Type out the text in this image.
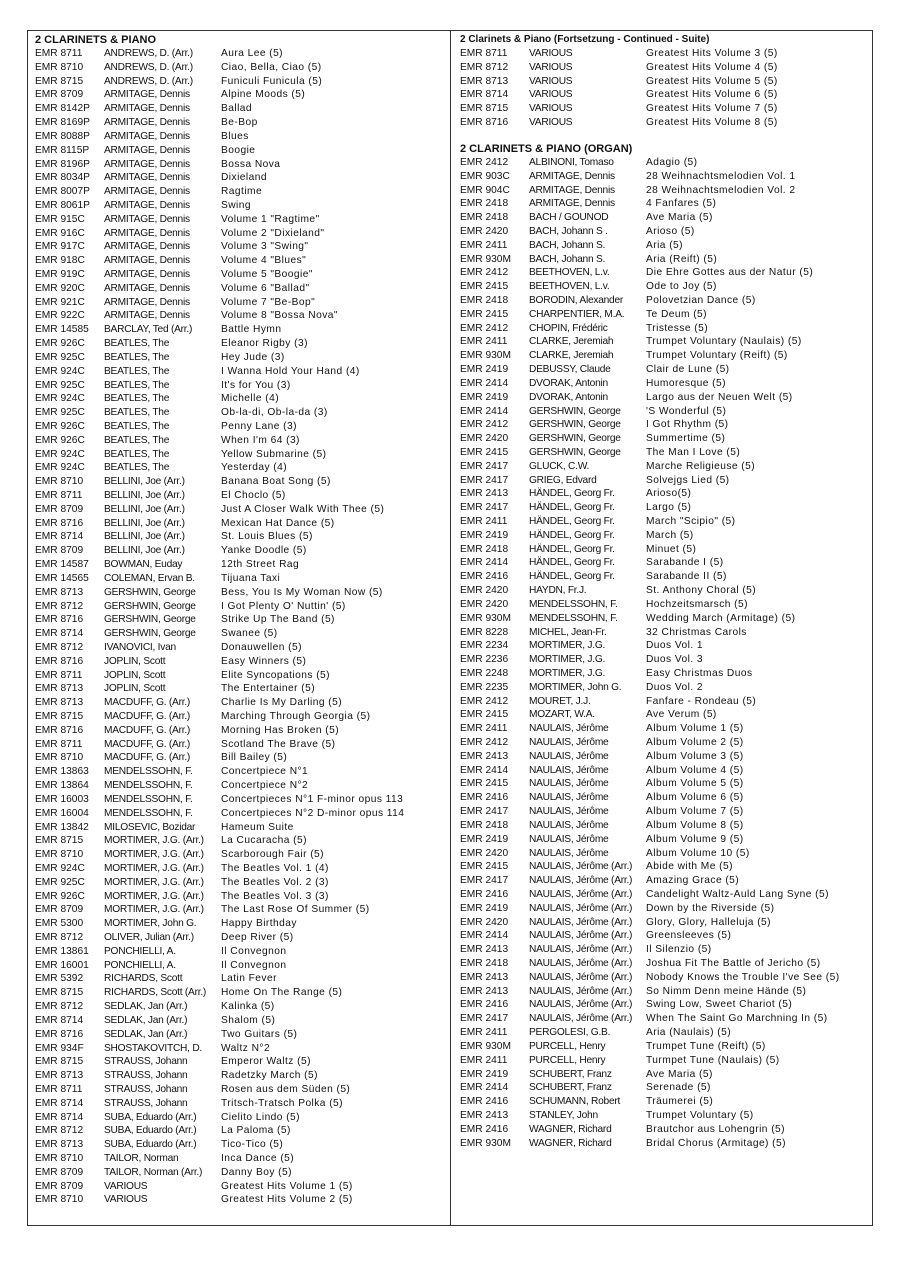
2 CLARINETS & PIANO
EMR 8711	ANDREWS, D. (Arr.)	Aura Lee (5)
EMR 8710	ANDREWS, D. (Arr.)	Ciao, Bella, Ciao (5)
EMR 8715	ANDREWS, D. (Arr.)	Funiculi Funicula (5)
EMR 8709	ARMITAGE, Dennis	Alpine Moods (5)
EMR 8142P	ARMITAGE, Dennis	Ballad
EMR 8169P	ARMITAGE, Dennis	Be-Bop
EMR 8088P	ARMITAGE, Dennis	Blues
EMR 8115P	ARMITAGE, Dennis	Boogie
EMR 8196P	ARMITAGE, Dennis	Bossa Nova
EMR 8034P	ARMITAGE, Dennis	Dixieland
EMR 8007P	ARMITAGE, Dennis	Ragtime
EMR 8061P	ARMITAGE, Dennis	Swing
EMR 915C	ARMITAGE, Dennis	Volume 1 "Ragtime"
EMR 916C	ARMITAGE, Dennis	Volume 2 "Dixieland"
EMR 917C	ARMITAGE, Dennis	Volume 3 "Swing"
EMR 918C	ARMITAGE, Dennis	Volume 4 "Blues"
EMR 919C	ARMITAGE, Dennis	Volume 5 "Boogie"
EMR 920C	ARMITAGE, Dennis	Volume 6 "Ballad"
EMR 921C	ARMITAGE, Dennis	Volume 7 "Be-Bop"
EMR 922C	ARMITAGE, Dennis	Volume 8 "Bossa Nova"
EMR 14585	BARCLAY, Ted (Arr.)	Battle Hymn
EMR 926C	BEATLES, The	Eleanor Rigby (3)
EMR 925C	BEATLES, The	Hey Jude (3)
EMR 924C	BEATLES, The	I Wanna Hold Your Hand (4)
EMR 925C	BEATLES, The	It's for You (3)
EMR 924C	BEATLES, The	Michelle (4)
EMR 925C	BEATLES, The	Ob-la-di, Ob-la-da (3)
EMR 926C	BEATLES, The	Penny Lane (3)
EMR 926C	BEATLES, The	When I'm 64 (3)
EMR 924C	BEATLES, The	Yellow Submarine (5)
EMR 924C	BEATLES, The	Yesterday (4)
EMR 8710	BELLINI, Joe (Arr.)	Banana Boat Song (5)
EMR 8711	BELLINI, Joe (Arr.)	El Choclo (5)
EMR 8709	BELLINI, Joe (Arr.)	Just A Closer Walk With Thee (5)
EMR 8716	BELLINI, Joe (Arr.)	Mexican Hat Dance (5)
EMR 8714	BELLINI, Joe (Arr.)	St. Louis Blues (5)
EMR 8709	BELLINI, Joe (Arr.)	Yanke Doodle (5)
EMR 14587	BOWMAN, Euday	12th Street Rag
EMR 14565	COLEMAN, Ervan B.	Tijuana Taxi
EMR 8713	GERSHWIN, George	Bess, You Is My Woman Now (5)
EMR 8712	GERSHWIN, George	I Got Plenty O' Nuttin' (5)
EMR 8716	GERSHWIN, George	Strike Up The Band (5)
EMR 8714	GERSHWIN, George	Swanee (5)
EMR 8712	IVANOVICI, Ivan	Donauwellen (5)
EMR 8716	JOPLIN, Scott	Easy Winners (5)
EMR 8711	JOPLIN, Scott	Elite Syncopations (5)
EMR 8713	JOPLIN, Scott	The Entertainer (5)
EMR 8713	MACDUFF, G. (Arr.)	Charlie Is My Darling (5)
EMR 8715	MACDUFF, G. (Arr.)	Marching Through Georgia (5)
EMR 8716	MACDUFF, G. (Arr.)	Morning Has Broken (5)
EMR 8711	MACDUFF, G. (Arr.)	Scotland The Brave (5)
EMR 8710	MACDUFF, G. (Arr.)	Bill Bailey (5)
EMR 13863	MENDELSSOHN, F.	Concertpiece N°1
EMR 13864	MENDELSSOHN, F.	Concertpiece N°2
EMR 16003	MENDELSSOHN, F.	Concertpieces N°1 F-minor opus 113
EMR 16004	MENDELSSOHN, F.	Concertpieces N°2 D-minor opus 114
EMR 13842	MILOSEVIC, Bozidar	Hameum Suite
EMR 8715	MORTIMER, J.G. (Arr.)	La Cucaracha (5)
EMR 8710	MORTIMER, J.G. (Arr.)	Scarborough Fair (5)
EMR 924C	MORTIMER, J.G. (Arr.)	The Beatles Vol. 1 (4)
EMR 925C	MORTIMER, J.G. (Arr.)	The Beatles Vol. 2 (3)
EMR 926C	MORTIMER, J.G. (Arr.)	The Beatles Vol. 3 (3)
EMR 8709	MORTIMER, J.G. (Arr.)	The Last Rose Of Summer (5)
EMR 5300	MORTIMER, John G.	Happy Birthday
EMR 8712	OLIVER, Julian (Arr.)	Deep River (5)
EMR 13861	PONCHIELLI, A.	Il Convegnon
EMR 16001	PONCHIELLI, A.	Il Convegnon
EMR 5392	RICHARDS, Scott	Latin Fever
EMR 8715	RICHARDS, Scott (Arr.)	Home On The Range (5)
EMR 8712	SEDLAK, Jan (Arr.)	Kalinka (5)
EMR 8714	SEDLAK, Jan (Arr.)	Shalom (5)
EMR 8716	SEDLAK, Jan (Arr.)	Two Guitars (5)
EMR 934F	SHOSTAKOVITCH, D.	Waltz N°2
EMR 8715	STRAUSS, Johann	Emperor Waltz (5)
EMR 8713	STRAUSS, Johann	Radetzky March (5)
EMR 8711	STRAUSS, Johann	Rosen aus dem Süden (5)
EMR 8714	STRAUSS, Johann	Tritsch-Tratsch Polka (5)
EMR 8714	SUBA, Eduardo (Arr.)	Cielito Lindo (5)
EMR 8712	SUBA, Eduardo (Arr.)	La Paloma (5)
EMR 8713	SUBA, Eduardo (Arr.)	Tico-Tico (5)
EMR 8710	TAILOR, Norman	Inca Dance (5)
EMR 8709	TAILOR, Norman (Arr.)	Danny Boy (5)
EMR 8709	VARIOUS	Greatest Hits Volume 1 (5)
EMR 8710	VARIOUS	Greatest Hits Volume 2 (5)
2 Clarinets & Piano (Fortsetzung - Continued - Suite)
EMR 8711	VARIOUS	Greatest Hits Volume 3 (5)
EMR 8712	VARIOUS	Greatest Hits Volume 4 (5)
EMR 8713	VARIOUS	Greatest Hits Volume 5 (5)
EMR 8714	VARIOUS	Greatest Hits Volume 6 (5)
EMR 8715	VARIOUS	Greatest Hits Volume 7 (5)
EMR 8716	VARIOUS	Greatest Hits Volume 8 (5)
2 CLARINETS & PIANO (ORGAN)
EMR 2412	ALBINONI, Tomaso	Adagio (5)
EMR 903C	ARMITAGE, Dennis	28 Weihnachtsmelodien Vol. 1
EMR 904C	ARMITAGE, Dennis	28 Weihnachtsmelodien Vol. 2
EMR 2418	ARMITAGE, Dennis	4 Fanfares (5)
EMR 2418	BACH / GOUNOD	Ave Maria (5)
EMR 2420	BACH, Johann S .	Arioso (5)
EMR 2411	BACH, Johann S.	Aria (5)
EMR 930M	BACH, Johann S.	Aria (Reift) (5)
EMR 2412	BEETHOVEN, L.v.	Die Ehre Gottes aus der Natur (5)
EMR 2415	BEETHOVEN, L.v.	Ode to Joy (5)
EMR 2418	BORODIN, Alexander	Polovetzian Dance (5)
EMR 2415	CHARPENTIER, M.A.	Te Deum (5)
EMR 2412	CHOPIN, Frédéric	Tristesse (5)
EMR 2411	CLARKE, Jeremiah	Trumpet Voluntary (Naulais) (5)
EMR 930M	CLARKE, Jeremiah	Trumpet Voluntary (Reift) (5)
EMR 2419	DEBUSSY, Claude	Clair de Lune (5)
EMR 2414	DVORAK, Antonin	Humoresque (5)
EMR 2419	DVORAK, Antonin	Largo aus der Neuen Welt (5)
EMR 2414	GERSHWIN, George	'S Wonderful (5)
EMR 2412	GERSHWIN, George	I Got Rhythm (5)
EMR 2420	GERSHWIN, George	Summertime (5)
EMR 2415	GERSHWIN, George	The Man I Love (5)
EMR 2417	GLUCK, C.W.	Marche Religieuse (5)
EMR 2417	GRIEG, Edvard	Solvejgs Lied (5)
EMR 2413	HÄNDEL, Georg Fr.	Arioso(5)
EMR 2417	HÄNDEL, Georg Fr.	Largo (5)
EMR 2411	HÄNDEL, Georg Fr.	March "Scipio" (5)
EMR 2419	HÄNDEL, Georg Fr.	March (5)
EMR 2418	HÄNDEL, Georg Fr.	Minuet (5)
EMR 2414	HÄNDEL, Georg Fr.	Sarabande I (5)
EMR 2416	HÄNDEL, Georg Fr.	Sarabande II (5)
EMR 2420	HAYDN, Fr.J.	St. Anthony Choral (5)
EMR 2420	MENDELSSOHN, F.	Hochzeitsmarsch (5)
EMR 930M	MENDELSSOHN, F.	Wedding March (Armitage) (5)
EMR 8228	MICHEL, Jean-Fr.	32 Christmas Carols
EMR 2234	MORTIMER, J.G.	Duos Vol. 1
EMR 2236	MORTIMER, J.G.	Duos Vol. 3
EMR 2248	MORTIMER, J.G.	Easy Christmas Duos
EMR 2235	MORTIMER, John G.	Duos Vol. 2
EMR 2412	MOURET, J.J.	Fanfare - Rondeau (5)
EMR 2415	MOZART, W.A.	Ave Verum (5)
EMR 2411	NAULAIS, Jérôme	Album Volume 1 (5)
EMR 2412	NAULAIS, Jérôme	Album Volume 2 (5)
EMR 2413	NAULAIS, Jérôme	Album Volume 3 (5)
EMR 2414	NAULAIS, Jérôme	Album Volume 4 (5)
EMR 2415	NAULAIS, Jérôme	Album Volume 5 (5)
EMR 2416	NAULAIS, Jérôme	Album Volume 6 (5)
EMR 2417	NAULAIS, Jérôme	Album Volume 7 (5)
EMR 2418	NAULAIS, Jérôme	Album Volume 8 (5)
EMR 2419	NAULAIS, Jérôme	Album Volume 9 (5)
EMR 2420	NAULAIS, Jérôme	Album Volume 10 (5)
EMR 2415	NAULAIS, Jérôme (Arr.)	Abide with Me (5)
EMR 2417	NAULAIS, Jérôme (Arr.)	Amazing Grace (5)
EMR 2416	NAULAIS, Jérôme (Arr.)	Candelight Waltz-Auld Lang Syne (5)
EMR 2419	NAULAIS, Jérôme (Arr.)	Down by the Riverside (5)
EMR 2420	NAULAIS, Jérôme (Arr.)	Glory, Glory, Halleluja (5)
EMR 2414	NAULAIS, Jérôme (Arr.)	Greensleeves (5)
EMR 2413	NAULAIS, Jérôme (Arr.)	Il Silenzio (5)
EMR 2418	NAULAIS, Jérôme (Arr.)	Joshua Fit The Battle of Jericho (5)
EMR 2413	NAULAIS, Jérôme (Arr.)	Nobody Knows the Trouble I've See (5)
EMR 2413	NAULAIS, Jérôme (Arr.)	So Nimm Denn meine Hände (5)
EMR 2416	NAULAIS, Jérôme (Arr.)	Swing Low, Sweet Chariot (5)
EMR 2417	NAULAIS, Jérôme (Arr.)	When The Saint Go Marchning In (5)
EMR 2411	PERGOLESI, G.B.	Aria (Naulais) (5)
EMR 930M	PURCELL, Henry	Trumpet Tune (Reift) (5)
EMR 2411	PURCELL, Henry	Turmpet Tune (Naulais) (5)
EMR 2419	SCHUBERT, Franz	Ave Maria (5)
EMR 2414	SCHUBERT, Franz	Serenade (5)
EMR 2416	SCHUMANN, Robert	Träumerei (5)
EMR 2413	STANLEY, John	Trumpet Voluntary (5)
EMR 2416	WAGNER, Richard	Brautchor aus Lohengrin (5)
EMR 930M	WAGNER, Richard	Bridal Chorus (Armitage) (5)
